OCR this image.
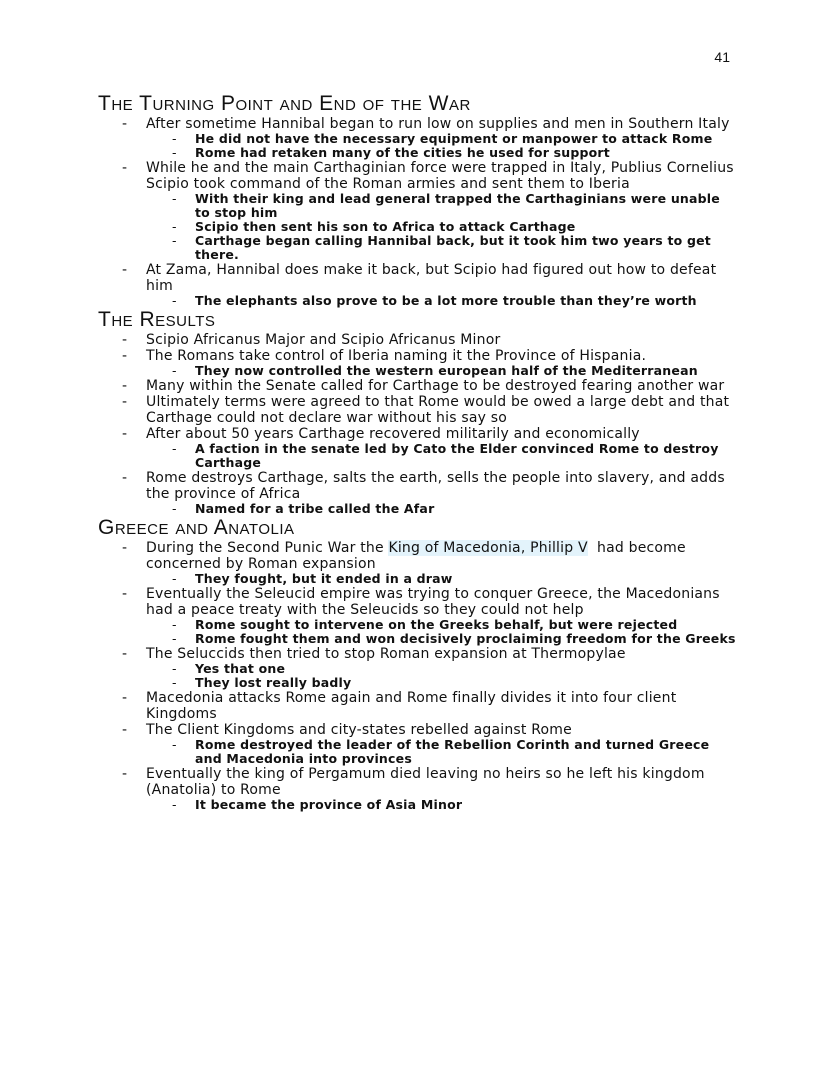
41
The Turning Point and End of the War
- After sometime Hannibal began to run low on supplies and men in Southern Italy
- He did not have the necessary equipment or manpower to attack Rome
- Rome had retaken many of the cities he used for support
- While he and the main Carthaginian force were trapped in Italy, Publius Cornelius Scipio took command of the Roman armies and sent them to Iberia
- With their king and lead general trapped the Carthaginians were unable to stop him
- Scipio then sent his son to Africa to attack Carthage
- Carthage began calling Hannibal back, but it took him two years to get there.
- At Zama, Hannibal does make it back, but Scipio had figured out how to defeat him
- The elephants also prove to be a lot more trouble than they’re worth
The Results
- Scipio Africanus Major and Scipio Africanus Minor
- The Romans take control of Iberia naming it the Province of Hispania.
- They now controlled the western european half of the Mediterranean
- Many within the Senate called for Carthage to be destroyed fearing another war
- Ultimately terms were agreed to that Rome would be owed a large debt and that Carthage could not declare war without his say so
- After about 50 years Carthage recovered militarily and economically
- A faction in the senate led by Cato the Elder convinced Rome to destroy Carthage
- Rome destroys Carthage, salts the earth, sells the people into slavery, and adds the province of Africa
- Named for a tribe called the Afar
Greece and Anatolia
- During the Second Punic War the King of Macedonia, Phillip V  had become concerned by Roman expansion
- They fought, but it ended in a draw
- Eventually the Seleucid empire was trying to conquer Greece, the Macedonians had a peace treaty with the Seleucids so they could not help
- Rome sought to intervene on the Greeks behalf, but were rejected
- Rome fought them and won decisively proclaiming freedom for the Greeks
- The Seluccids then tried to stop Roman expansion at Thermopylae
- Yes that one
- They lost really badly
- Macedonia attacks Rome again and Rome finally divides it into four client Kingdoms
- The Client Kingdoms and city-states rebelled against Rome
- Rome destroyed the leader of the Rebellion Corinth and turned Greece and Macedonia into provinces
- Eventually the king of Pergamum died leaving no heirs so he left his kingdom (Anatolia) to Rome
- It became the province of Asia Minor
